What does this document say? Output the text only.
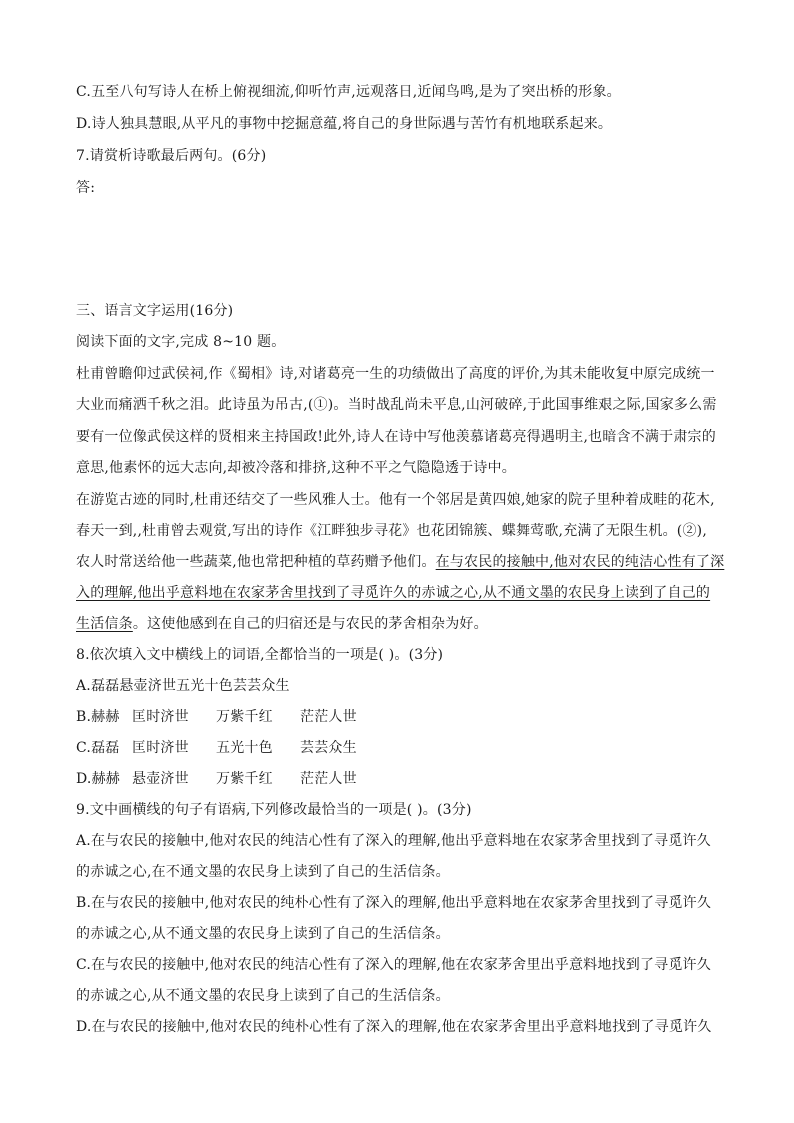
C.五至八句写诗人在桥上俯视细流,仰听竹声,远观落日,近闻鸟鸣,是为了突出桥的形象。
D.诗人独具慧眼,从平凡的事物中挖掘意蕴,将自己的身世际遇与苦竹有机地联系起来。
7.请赏析诗歌最后两句。(6分)
答:
三、语言文字运用(16分)
阅读下面的文字,完成 8~10 题。
杜甫曾瞻仰过武侯祠,作《蜀相》诗,对诸葛亮一生的功绩做出了高度的评价,为其未能收复中原完成统一
大业而痛洒千秋之泪。此诗虽为吊古,(①)。当时战乱尚未平息,山河破碎,于此国事维艰之际,国家多么需
要有一位像武侯这样的贤相来主持国政!此外,诗人在诗中写他羡慕诸葛亮得遇明主,也暗含不满于肃宗的
意思,他素怀的远大志向,却被冷落和排挤,这种不平之气隐隐透于诗中。
在游览古迹的同时,杜甫还结交了一些风雅人士。他有一个邻居是黄四娘,她家的院子里种着成畦的花木,
春天一到,,杜甫曾去观赏,写出的诗作《江畔独步寻花》也花团锦簇、蝶舞莺歌,充满了无限生机。(②),
农人时常送给他一些蔬菜,他也常把种植的草药赠予他们。在与农民的接触中,他对农民的纯洁心性有了深
入的理解,他出乎意料地在农家茅舍里找到了寻觅许久的赤诚之心,从不通文墨的农民身上读到了自己的
生活信条。这使他感到在自己的归宿还是与农民的茅舍相杂为好。
8.依次填入文中横线上的词语,全都恰当的一项是( )。(3分)
A.磊磊悬壶济世五光十色芸芸众生
B.赫赫 匡时济世 万紫千红 茫茫人世
C.磊磊 匡时济世 五光十色 芸芸众生
D.赫赫 悬壶济世 万紫千红 茫茫人世
9.文中画横线的句子有语病,下列修改最恰当的一项是( )。(3分)
A.在与农民的接触中,他对农民的纯洁心性有了深入的理解,他出乎意料地在农家茅舍里找到了寻觅许久
的赤诚之心,在不通文墨的农民身上读到了自己的生活信条。
B.在与农民的接触中,他对农民的纯朴心性有了深入的理解,他出乎意料地在农家茅舍里找到了寻觅许久
的赤诚之心,从不通文墨的农民身上读到了自己的生活信条。
C.在与农民的接触中,他对农民的纯洁心性有了深入的理解,他在农家茅舍里出乎意料地找到了寻觅许久
的赤诚之心,从不通文墨的农民身上读到了自己的生活信条。
D.在与农民的接触中,他对农民的纯朴心性有了深入的理解,他在农家茅舍里出乎意料地找到了寻觅许久
